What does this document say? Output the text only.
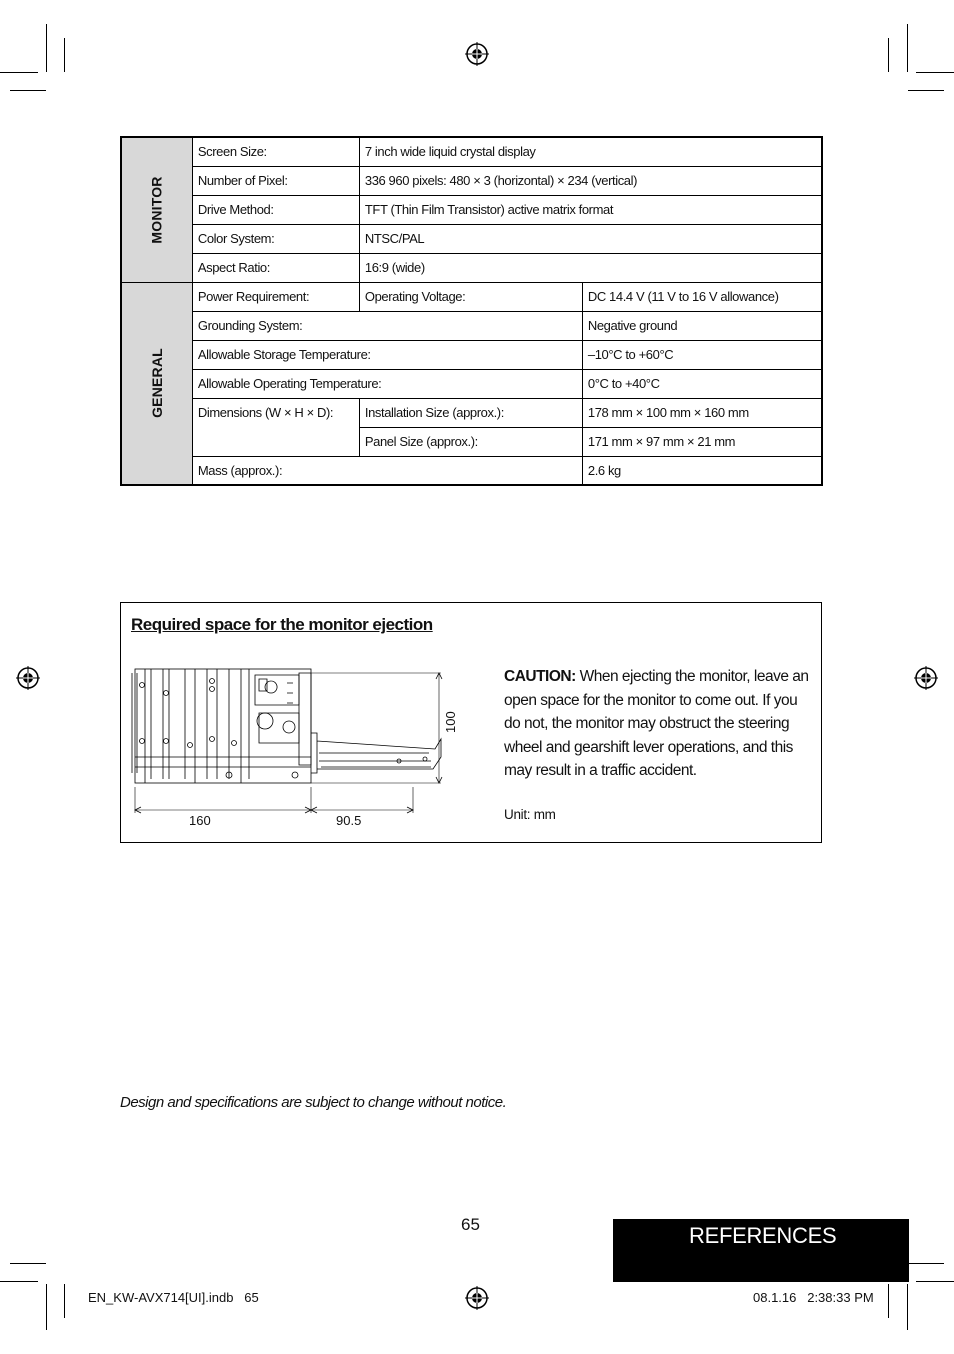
MONITOR	Screen Size:	7 inch wide liquid crystal display	
	Number of Pixel:	336 960 pixels: 480 × 3 (horizontal) × 234 (vertical)	
	Drive Method:	TFT (Thin Film Transistor) active matrix format	
	Color System:	NTSC/PAL	
	Aspect Ratio:	16:9 (wide)	
GENERAL	Power Requirement:	Operating Voltage:	DC 14.4 V (11 V to 16 V allowance)
	Grounding System:		Negative ground
	Allowable Storage Temperature:		–10°C to +60°C
	Allowable Operating Temperature:		0°C to +40°C
	Dimensions (W × H × D):	Installation Size (approx.):	178 mm × 100 mm × 160 mm
		Panel Size (approx.):	171 mm × 97 mm × 21 mm
	Mass (approx.):		2.6 kg
Required space for the monitor ejection
160	90.5
100
CAUTION: When ejecting the monitor, leave an open space for the monitor to come out. If you do not, the monitor may obstruct the steering wheel and gearshift lever operations, and this may result in a traffic accident.
Unit: mm
Design and specifications are subject to change without notice.
65	REFERENCES
EN_KW-AVX714[UI].indb   65	08.1.16   2:38:33 PM
